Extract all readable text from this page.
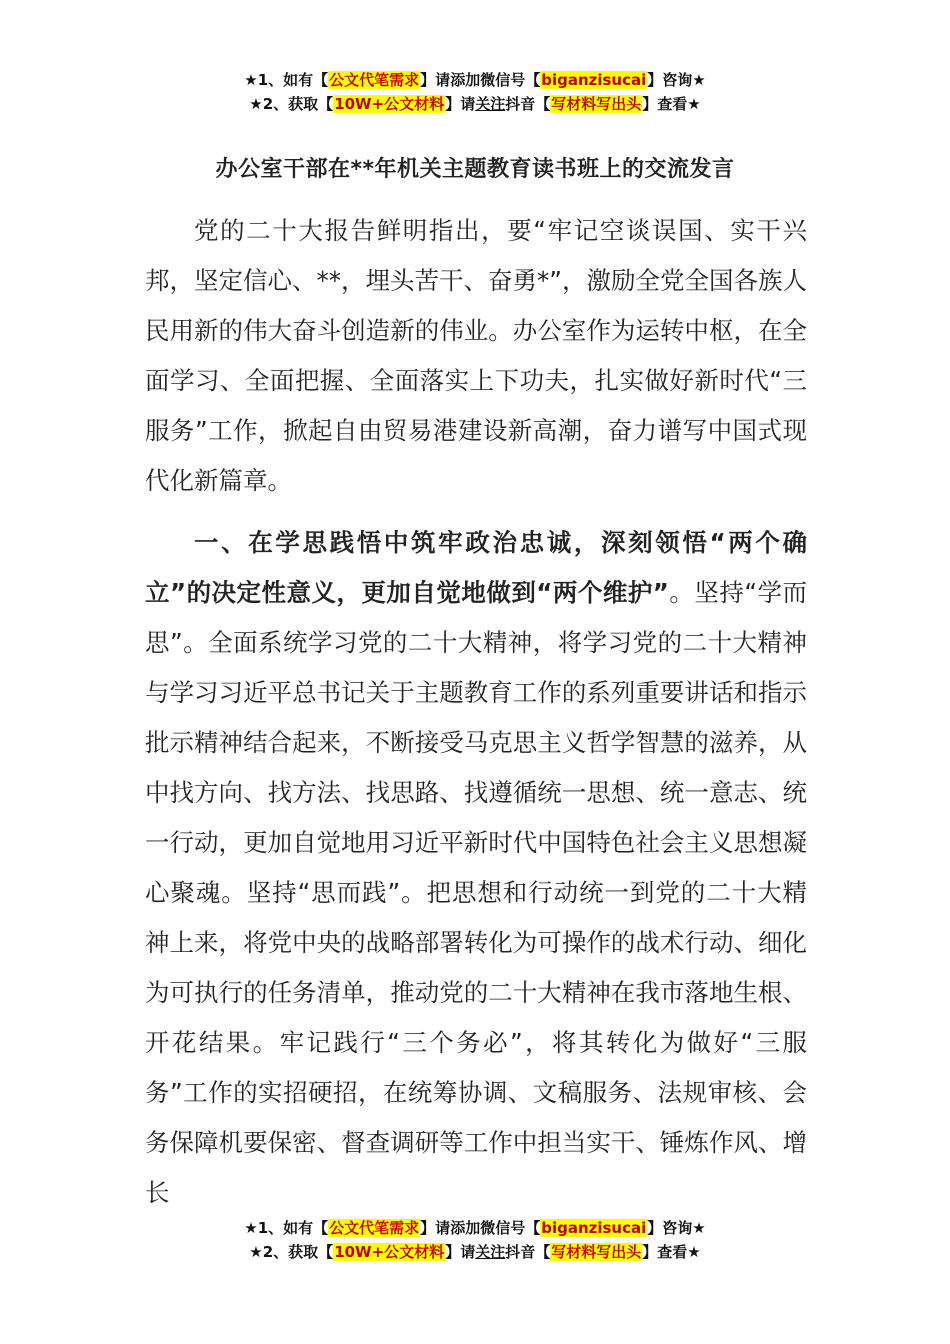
★1、如有【公文代笔需求】请添加微信号【biganzisucai】咨询★
★2、获取【10W+公文材料】请关注抖音【写材料写出头】查看★
办公室干部在**年机关主题教育读书班上的交流发言

党的二十大报告鲜明指出，要“牢记空谈误国、实干兴邦，坚定信心、**，埋头苦干、奋勇*”，激励全党全国各族人民用新的伟大奋斗创造新的伟业。办公室作为运转中枢，在全面学习、全面把握、全面落实上下功夫，扎实做好新时代“三服务”工作，掀起自由贸易港建设新高潮，奋力谱写中国式现代化新篇章。

一、在学思践悟中筑牢政治忠诚，深刻领悟“两个确立”的决定性意义，更加自觉地做到“两个维护”。坚持“学而思”。全面系统学习党的二十大精神，将学习党的二十大精神与学习习近平总书记关于主题教育工作的系列重要讲话和指示批示精神结合起来，不断接受马克思主义哲学智慧的滋养，从中找方向、找方法、找思路、找遵循统一思想、统一意志、统一行动，更加自觉地用习近平新时代中国特色社会主义思想凝心聚魂。坚持“思而践”。把思想和行动统一到党的二十大精神上来，将党中央的战略部署转化为可操作的战术行动、细化为可执行的任务清单，推动党的二十大精神在我市落地生根、开花结果。牢记践行“三个务必”，将其转化为做好“三服务”工作的实招硬招，在统筹协调、文稿服务、法规审核、会务保障机要保密、督查调研等工作中担当实干、锤炼作风、增长

★1、如有【公文代笔需求】请添加微信号【biganzisucai】咨询★
★2、获取【10W+公文材料】请关注抖音【写材料写出头】查看★
